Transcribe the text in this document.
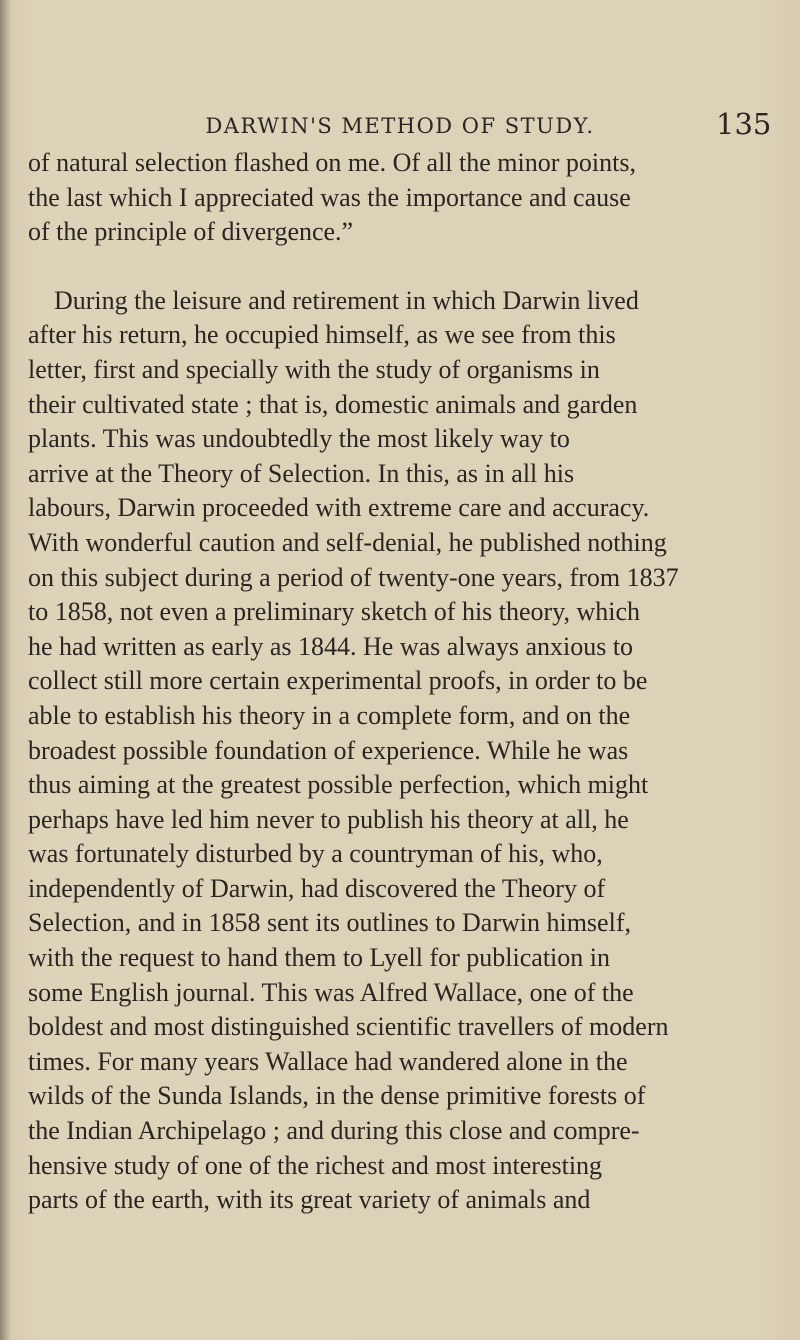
DARWIN'S METHOD OF STUDY.	135
of natural selection flashed on me. Of all the minor points,
the last which I appreciated was the importance and cause
of the principle of divergence.”
During the leisure and retirement in which Darwin lived
after his return, he occupied himself, as we see from this
letter, first and specially with the study of organisms in
their cultivated state ; that is, domestic animals and garden
plants. This was undoubtedly the most likely way to
arrive at the Theory of Selection. In this, as in all his
labours, Darwin proceeded with extreme care and accuracy.
With wonderful caution and self-denial, he published nothing
on this subject during a period of twenty-one years, from 1837
to 1858, not even a preliminary sketch of his theory, which
he had written as early as 1844. He was always anxious to
collect still more certain experimental proofs, in order to be
able to establish his theory in a complete form, and on the
broadest possible foundation of experience. While he was
thus aiming at the greatest possible perfection, which might
perhaps have led him never to publish his theory at all, he
was fortunately disturbed by a countryman of his, who,
independently of Darwin, had discovered the Theory of
Selection, and in 1858 sent its outlines to Darwin himself,
with the request to hand them to Lyell for publication in
some English journal. This was Alfred Wallace, one of the
boldest and most distinguished scientific travellers of modern
times. For many years Wallace had wandered alone in the
wilds of the Sunda Islands, in the dense primitive forests of
the Indian Archipelago ; and during this close and compre-
hensive study of one of the richest and most interesting
parts of the earth, with its great variety of animals and
